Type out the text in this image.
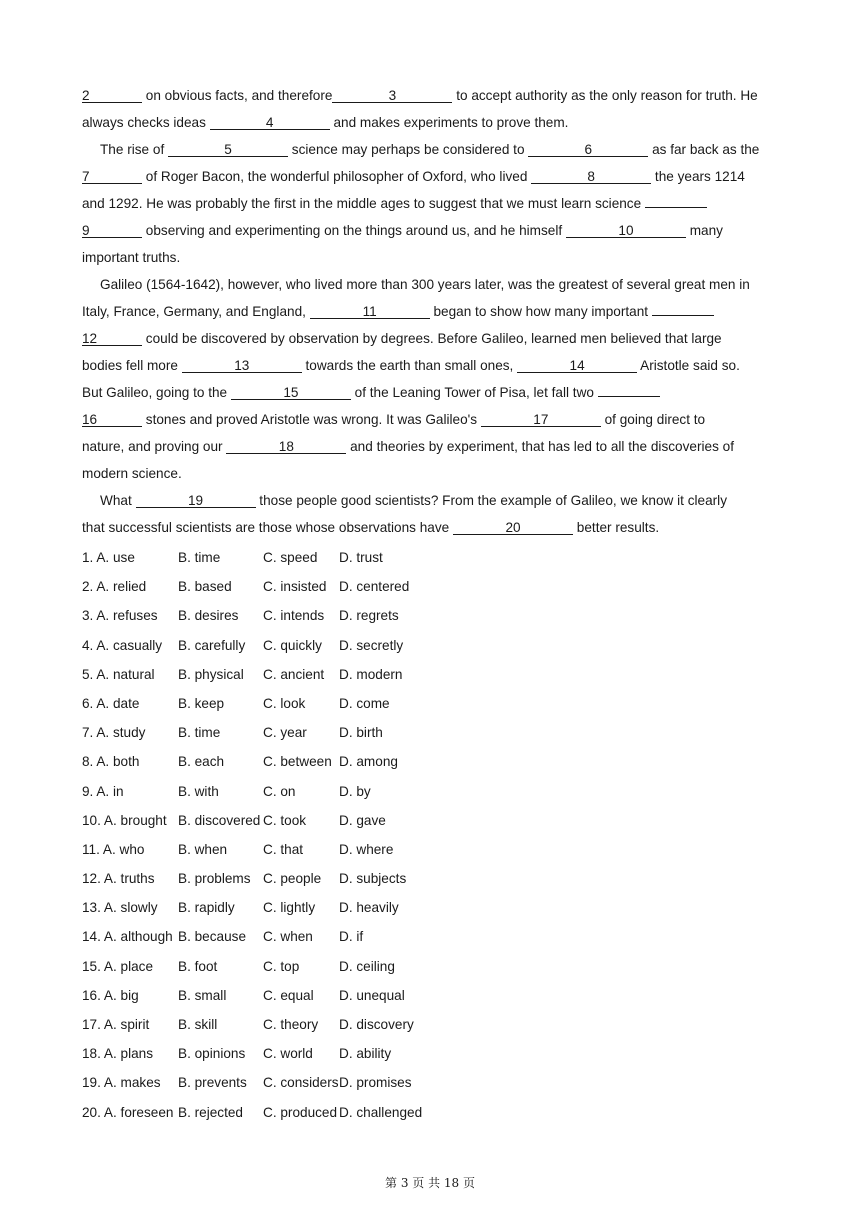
2	on obvious facts, and therefore	3	to accept authority as the only reason for truth. He
always checks ideas	4	and makes experiments to prove them.
The rise of	5	science may perhaps be considered to	6	as far back as the
7	of Roger Bacon, the wonderful philosopher of Oxford, who lived	8	the years 1214
and 1292. He was probably the first in the middle ages to suggest that we must learn science
9	observing and experimenting on the things around us, and he himself	10	many
important truths.
Galileo (1564-1642), however, who lived more than 300 years later, was the greatest of several great men in
Italy, France, Germany, and England,	11	began to show how many important
12	could be discovered by observation by degrees. Before Galileo, learned men believed that large
bodies fell more	13	towards the earth than small ones,	14	Aristotle said so.
But Galileo, going to the	15	of the Leaning Tower of Pisa, let fall two
16	stones and proved Aristotle was wrong. It was Galileo's	17	of going direct to
nature, and proving our	18	and theories by experiment, that has led to all the discoveries of
modern science.
What	19	those people good scientists? From the example of Galileo, we know it clearly
that successful scientists are those whose observations have	20	better results.
1. A. use	B. time	C. speed D. trust
2. A. relied B. based C. insisted D. centered
3. A. refuses B. desires C. intends D. regrets
4. A. casually B. carefully C. quickly D. secretly
5. A. natural B. physical C. ancient D. modern
6. A. date	B. keep	C. look D. come
7. A. study B. time	C. year D. birth
8. A. both	B. each	C. between D. among
9. A. in	B. with	C. on	D. by
10. A. brought B. discovered C. took D. gave
11. A. who B. when	C. that	D. where
12. A. truths B. problems C. people D. subjects
13. A. slowly B. rapidly C. lightly D. heavily
14. A. although B. because C. when D. if
15. A. place B. foot	C. top	D. ceiling
16. A. big	B. small	C. equal D. unequal
17. A. spirit B. skill	C. theory D. discovery
18. A. plans B. opinions C. world D. ability
19. A. makes B. prevents C. considers D. promises
20. A. foreseen B. rejected C. produced D. challenged
第 3 页 共 18 页
